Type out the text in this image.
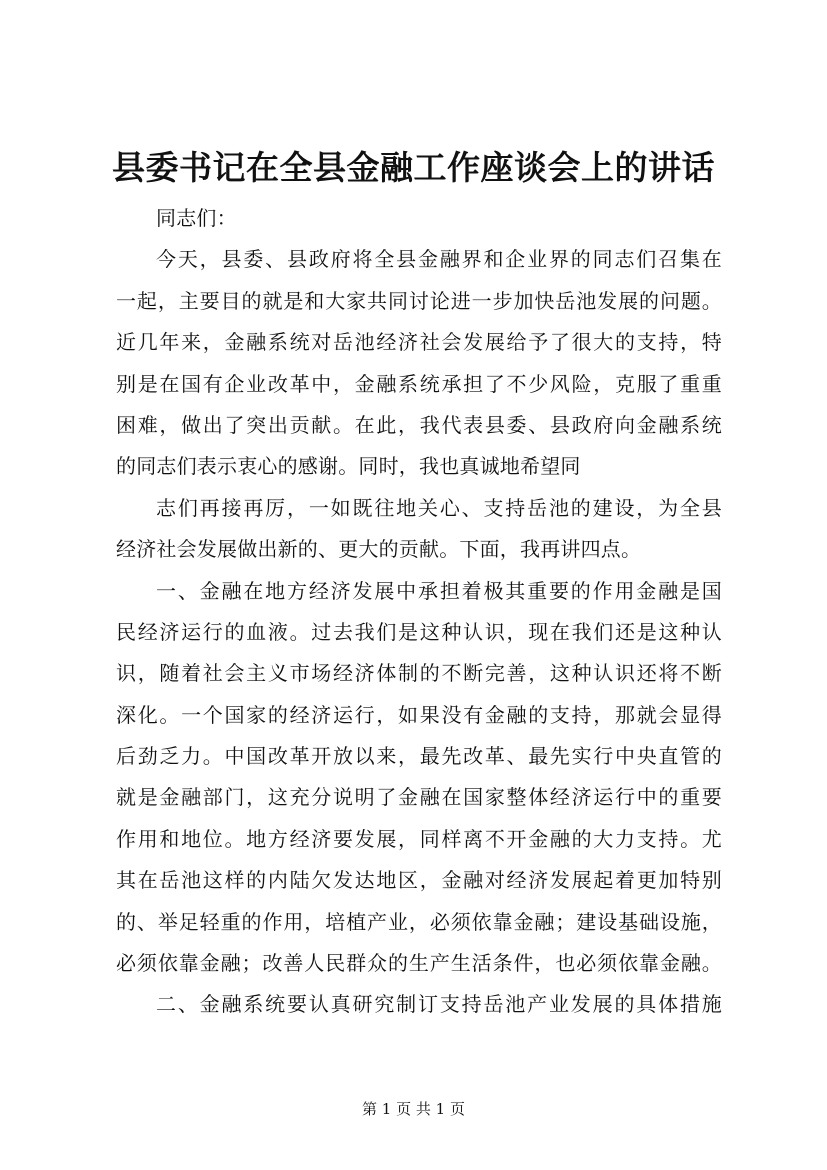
县委书记在全县金融工作座谈会上的讲话
同志们：
今天，县委、县政府将全县金融界和企业界的同志们召集在
一起，主要目的就是和大家共同讨论进一步加快岳池发展的问题。
近几年来，金融系统对岳池经济社会发展给予了很大的支持，特
别是在国有企业改革中，金融系统承担了不少风险，克服了重重
困难，做出了突出贡献。在此，我代表县委、县政府向金融系统
的同志们表示衷心的感谢。同时，我也真诚地希望同
志们再接再厉，一如既往地关心、支持岳池的建设，为全县
经济社会发展做出新的、更大的贡献。下面，我再讲四点。
一、金融在地方经济发展中承担着极其重要的作用金融是国
民经济运行的血液。过去我们是这种认识，现在我们还是这种认
识，随着社会主义市场经济体制的不断完善，这种认识还将不断
深化。一个国家的经济运行，如果没有金融的支持，那就会显得
后劲乏力。中国改革开放以来，最先改革、最先实行中央直管的
就是金融部门，这充分说明了金融在国家整体经济运行中的重要
作用和地位。地方经济要发展，同样离不开金融的大力支持。尤
其在岳池这样的内陆欠发达地区，金融对经济发展起着更加特别
的、举足轻重的作用，培植产业，必须依靠金融；建设基础设施，
必须依靠金融；改善人民群众的生产生活条件，也必须依靠金融。
二、金融系统要认真研究制订支持岳池产业发展的具体措施
第 1 页 共 1 页
